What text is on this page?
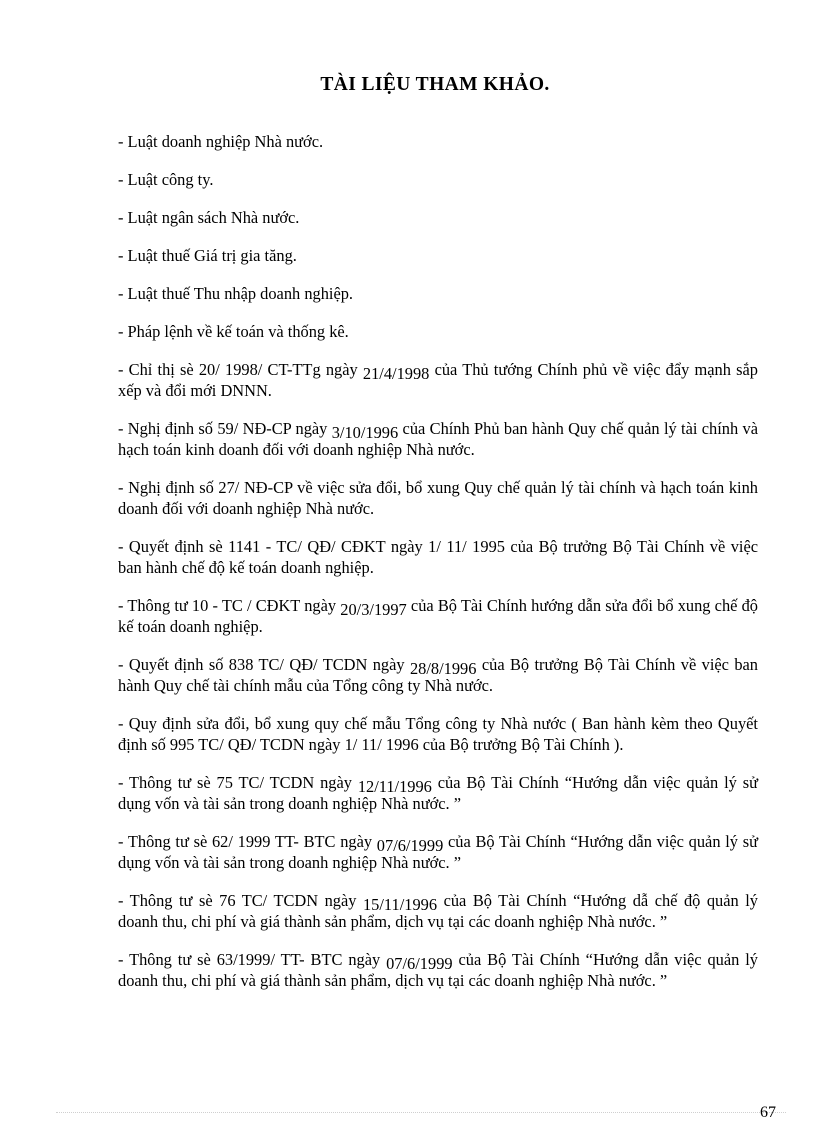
TÀI LIỆU THAM KHẢO.

- Luật doanh nghiệp Nhà nước.

- Luật công ty.

- Luật ngân sách Nhà nước.

- Luật thuế Giá trị gia tăng.

- Luật thuế Thu nhập doanh nghiệp.

- Pháp lệnh về kế toán và thống kê.

- Chỉ thị sè 20/ 1998/ CT-TTg ngày 21/4/1998 của Thủ tướng Chính phủ về việc đẩy mạnh sắp xếp và đổi mới DNNN.

- Nghị định số 59/ NĐ-CP ngày 3/10/1996 của Chính Phủ ban hành Quy chế quản lý tài chính và hạch toán kinh doanh đối với doanh nghiệp Nhà nước.

- Nghị định số 27/ NĐ-CP về việc sửa đổi, bổ xung Quy chế quản lý tài chính và hạch toán kinh doanh đối với doanh nghiệp Nhà nước.

- Quyết định sè 1141 - TC/ QĐ/ CĐKT ngày 1/ 11/ 1995 của Bộ trưởng Bộ Tài Chính về việc ban hành chế độ kế toán doanh nghiệp.

- Thông tư 10 - TC / CĐKT ngày 20/3/1997 của Bộ Tài Chính hướng dẫn sửa đổi bổ xung chế độ kế toán doanh nghiệp.

- Quyết định số 838 TC/ QĐ/ TCDN ngày 28/8/1996 của Bộ trưởng Bộ Tài Chính về việc ban hành Quy chế tài chính mẫu của Tổng công ty Nhà nước.

- Quy định sửa đổi, bổ xung quy chế mẫu Tổng công ty Nhà nước ( Ban hành kèm theo Quyết định số 995 TC/ QĐ/ TCDN ngày 1/ 11/ 1996 của Bộ trưởng Bộ Tài Chính ).

- Thông tư sè 75 TC/ TCDN ngày 12/11/1996 của Bộ Tài Chính “Hướng dẫn việc quản lý sử dụng vốn và tài sản trong doanh nghiệp Nhà nước. ”

- Thông tư sè 62/ 1999 TT- BTC ngày 07/6/1999 của Bộ Tài Chính “Hướng dẫn việc quản lý sử dụng vốn và tài sản trong doanh nghiệp Nhà nước. ”

- Thông tư sè 76 TC/ TCDN ngày 15/11/1996 của Bộ Tài Chính “Hướng dẫ chế độ quản lý doanh thu, chi phí và giá thành sản phẩm, dịch vụ tại các doanh nghiệp Nhà nước. ”

- Thông tư sè 63/1999/ TT- BTC ngày 07/6/1999 của Bộ Tài Chính “Hướng dẫn việc quản lý doanh thu, chi phí và giá thành sản phẩm, dịch vụ tại các doanh nghiệp Nhà nước. ”

67
